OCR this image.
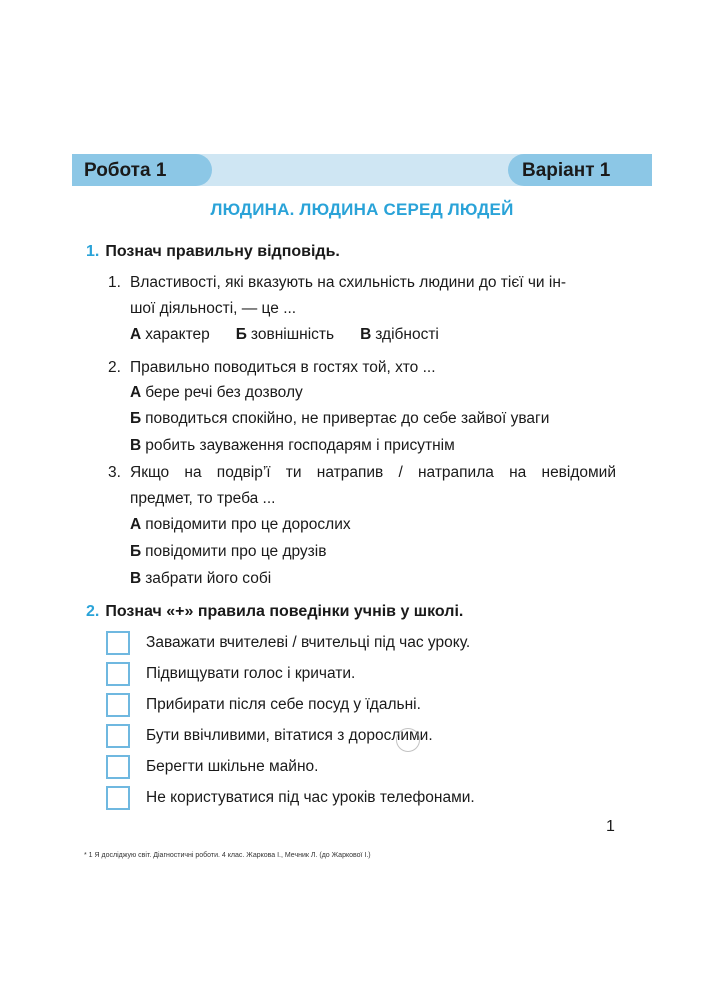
Робота 1	Варіант 1
ЛЮДИНА. ЛЮДИНА СЕРЕД ЛЮДЕЙ
1. Познач правильну відповідь.
1. Властивості, які вказують на схильність людини до тієї чи ін-
шої діяльності, — це ...
А характер Б зовнішність В здібності
2. Правильно поводиться в гостях той, хто ...
А бере речі без дозволу
Б поводиться спокійно, не привертає до себе зайвої уваги
В робить зауваження господарям і присутнім
3. Якщо на подвір’ї ти натрапив / натрапила на невідомий
предмет, то треба ...
А повідомити про це дорослих
Б повідомити про це друзів
В забрати його собі
2. Познач «+» правила поведінки учнів у школі.
Заважати вчителеві / вчительці під час уроку.
Підвищувати голос і кричати.
Прибирати після себе посуд у їдальні.
Бути ввічливими, вітатися з дорослими.
Берегти шкільне майно.
Не користуватися під час уроків телефонами.
1
* 1 Я досліджую світ. Діагностичні роботи. 4 клас. Жаркова І., Мечник Л. (до Жаркової І.)
